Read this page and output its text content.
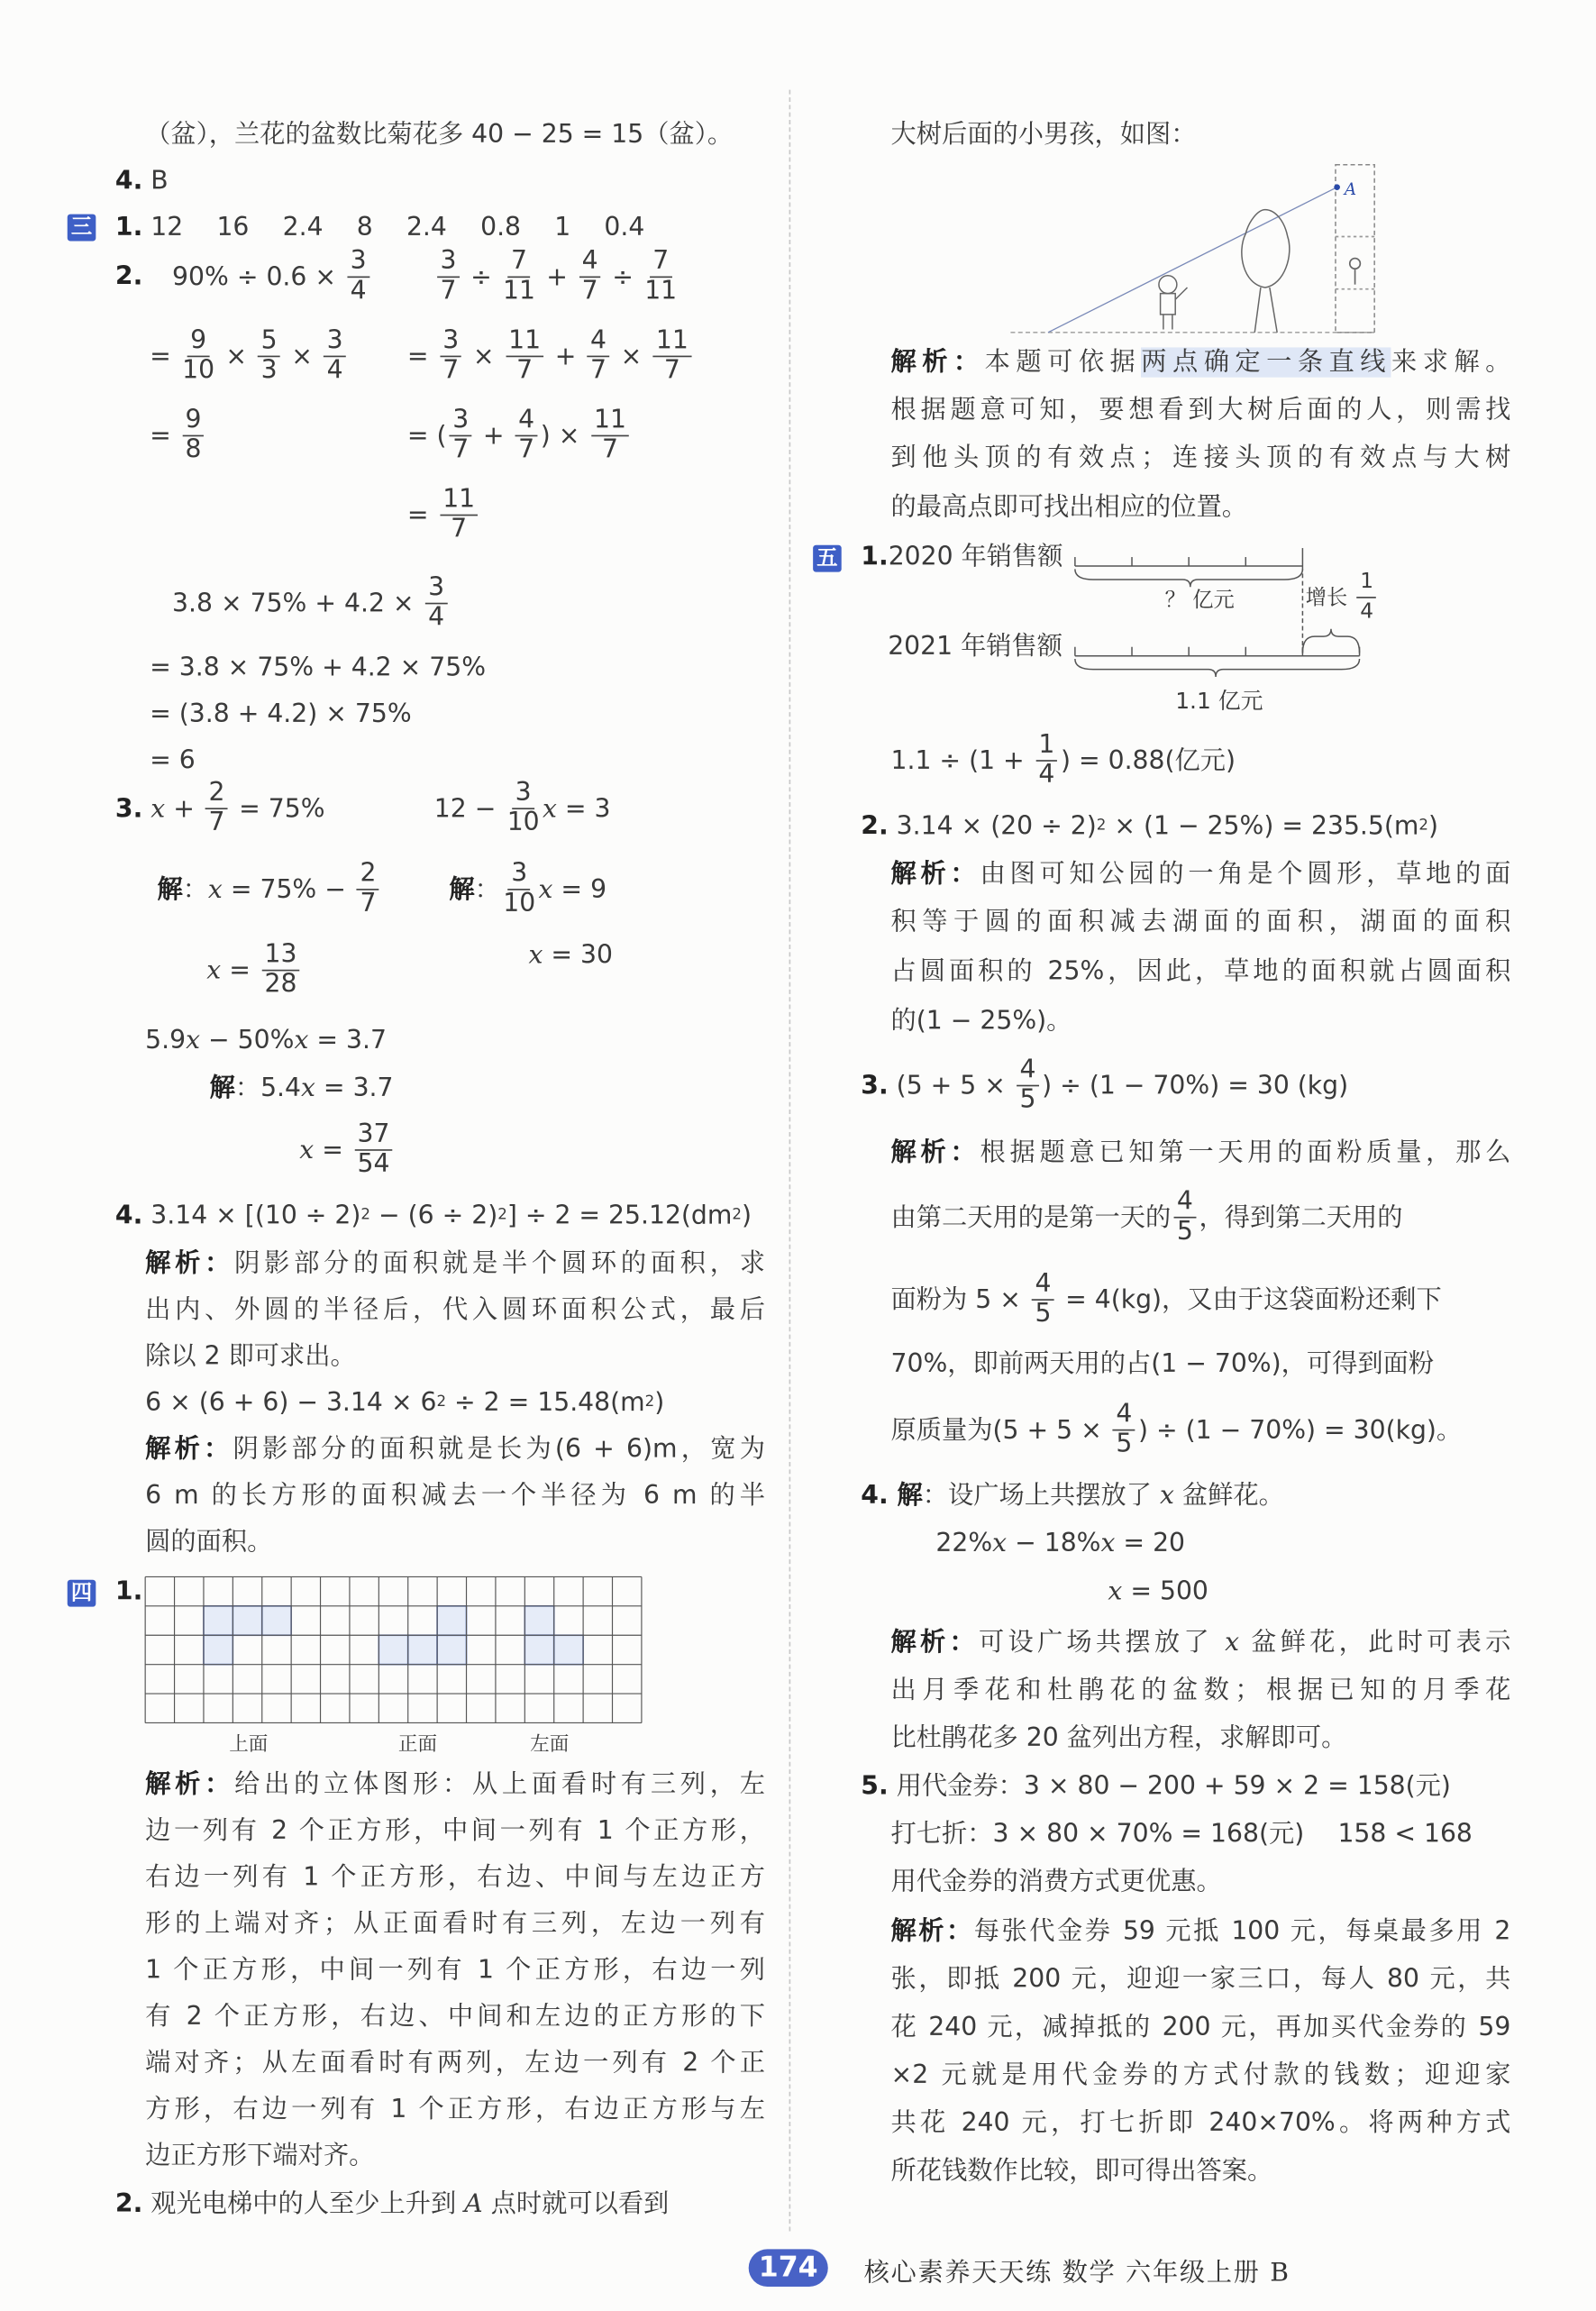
三
四
五
（盆），兰花的盆数比菊花多 40 − 25 = 15（盆）。
4. B
1. 12　 16　 2.4　 8　 2.4　 0.8　 1　 0.4
2. $90\% \div 0.6 \times \frac{3}{4}$	$\frac{3}{7} \div \frac{7}{11} + \frac{4}{7} \div \frac{7}{11}$
= $\frac{9}{10} \times \frac{5}{3} \times \frac{3}{4}$	= $\frac{3}{7} \times \frac{11}{7} + \frac{4}{7} \times \frac{11}{7}$
= $\frac{9}{8}$	= ( $\frac{3}{7} + \frac{4}{7}$ ) × $\frac{11}{7}$
= $\frac{11}{7}$
$3.8 \times 75\% + 4.2 \times \frac{3}{4}$
= 3.8 × 75% + 4.2 × 75%
= (3.8 + 4.2) × 75%
= 6
3.
$x + \frac{2}{7} = 75\%$	$12 - \frac{3}{10}$ x = 3
解 ： $x = 75\% - \frac{2}{7}$	解 ： $\frac{3}{10}$ x = 9
$x = \frac{13}{28}$	x = 30
5.9 x − 50% x = 3.7
解 ：5.4 x = 3.7
$x = \frac{37}{54}$
4. 3.14 × [(10 ÷ 2) 2 − (6 ÷ 2) 2 ] ÷ 2 = 25.12(dm 2 )
解析：阴影部分的面积就是半个圆环的面积，求
出内、外圆的半径后，代入圆环面积公式，最后
除以 2 即可求出。
6 × (6 + 6) − 3.14 × 6 2 ÷ 2 = 15.48(m 2 )
解析：阴影部分的面积就是长为(6 + 6)m，宽为
6 m 的长方形的面积减去一个半径为 6 m 的半
圆的面积。
1.
上面	正面	左面
解析：给出的立体图形：从上面看时有三列，左
边一列有 2 个正方形，中间一列有 1 个正方形，
右边一列有 1 个正方形，右边、中间与左边正方
形的上端对齐；从正面看时有三列，左边一列有
1 个正方形，中间一列有 1 个正方形，右边一列
有 2 个正方形，右边、中间和左边的正方形的下
端对齐；从左面看时有两列，左边一列有 2 个正
方形，右边一列有 1 个正方形，右边正方形与左
边正方形下端对齐。
2. 观光电梯中的人至少上升到 A 点时就可以看到
大树后面的小男孩，如图：
A
解析：本题可依据两点确定一条直线来求解。
根据题意可知，要想看到大树后面的人，则需找
到他头顶的有效点；连接头顶的有效点与大树
的最高点即可找出相应的位置。
1. 2020 年销售额
2021 年销售额
？ 亿元	增长 $\frac{1}{4}$
1.1 亿元
$1.1 \div (1 + \frac{1}{4}$ ) = 0.88(亿元)
2. 3.14 × (20 ÷ 2) 2 × (1 − 25%) = 235.5(m 2 )
解析：由图可知公园的一角是个圆形，草地的面
积等于圆的面积减去湖面的面积，湖面的面积
占圆面积的 25%，因此，草地的面积就占圆面积
的(1 − 25%)。
3. ($5 + 5 \times \frac{4}{5}$ ) ÷ (1 − 70%) = 30 (kg)
解析：根据题意已知第一天用的面粉质量，那么
由第二天用的是第一天的 $\frac{4}{5}$ ，得到第二天用的
面粉为 $5 \times \frac{4}{5} = 4(kg)$，又由于这袋面粉还剩下
70%，即前两天用的占(1 − 70%)，可得到面粉
原质量为($5 + 5 \times \frac{4}{5}$ ) ÷ (1 − 70%) = 30(kg)。
4. 解 ：设广场上共摆放了 x 盆鲜花。
22% x − 18% x = 20
x = 500
解析：可设广场共摆放了 x 盆鲜花，此时可表示
出月季花和杜鹃花的盆数；根据已知的月季花
比杜鹃花多 20 盆列出方程，求解即可。
5. 用代金券：3 × 80 − 200 + 59 × 2 = 158(元)
打七折：3 × 80 × 70% = 168(元)　 158 < 168
用代金券的消费方式更优惠。
解析：每张代金券 59 元抵 100 元，每桌最多用 2
张，即抵 200 元，迎迎一家三口，每人 80 元，共
花 240 元，减掉抵的 200 元，再加买代金券的 59
×2 元就是用代金券的方式付款的钱数；迎迎家
共花 240 元，打七折即 240×70%。将两种方式
所花钱数作比较，即可得出答案。
174	核心素养天天练 数学 六年级上册 B
